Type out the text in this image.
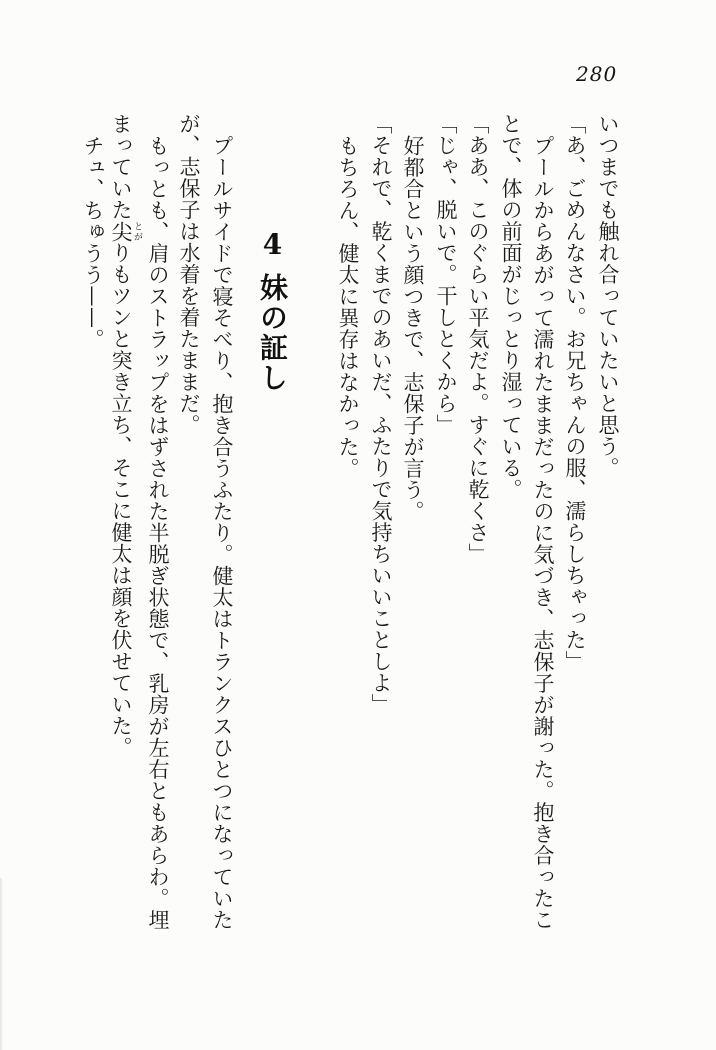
280
いつまでも触れ合っていたいと思う。
「あ、ごめんなさい。お兄ちゃんの服、濡らしちゃった」
プールからあがって濡れたままだったのに気づき、志保子が謝った。抱き合ったこ
とで、体の前面がじっとり湿っている。
「ああ、このぐらい平気だよ。すぐに乾くさ」
「じゃ、脱いで。干しとくから」
好都合という顔つきで、志保子が言う。
「それで、乾くまでのあいだ、ふたりで気持ちいいことしよ」
もちろん、健太に異存はなかった。
プールサイドで寝そべり、抱き合うふたり。健太はトランクスひとつになっていた
が、志保子は水着を着たままだ。
もっとも、肩のストラップをはずされた半脱ぎ状態で、乳房が左右ともあらわ。埋
まっていた尖 とがりもツンと突き立ち、そこに健太は顔を伏せていた。
チュ、ちゅうう——。	4妹の証し
